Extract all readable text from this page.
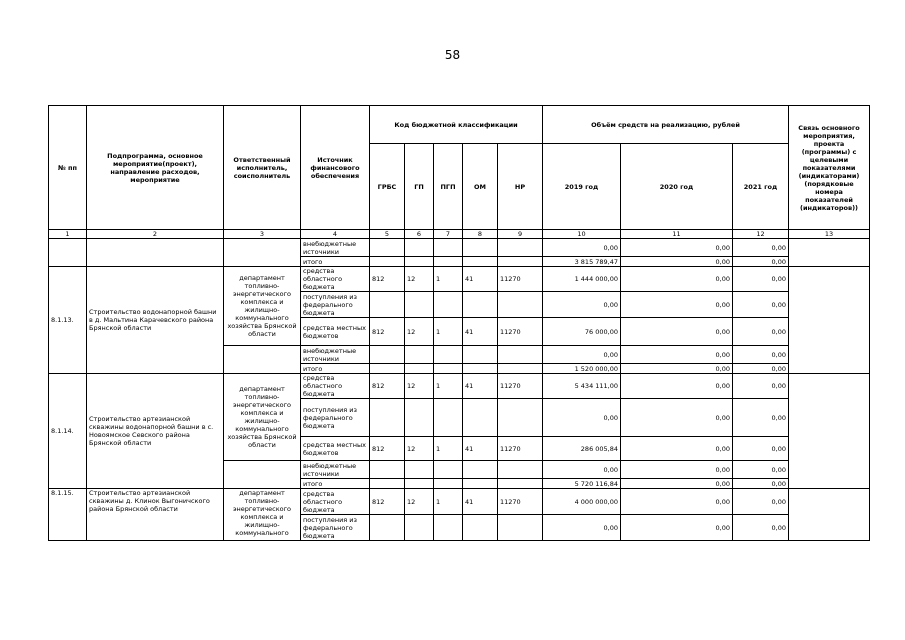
58
№ пп	Подпрограмма, основное мероприятие(проект), направление расходов, мероприятие	Ответственный исполнитель, соисполнитель	Источник финансового обеспечения	Код бюджетной классификации					Объём средств на реализацию, рублей			Связь основного мероприятия, проекта (программы) с целевыми показателями (индикаторами) (порядковые номера показателей (индикаторов))
				ГРБС	ГП	ПГП	ОМ	НР	2019 год	2020 год	2021 год	
1	2	3	4	5	6	7	8	9	10	11	12	13
			внебюджетные источники						0,00	0,00	0,00	
			итого						3 815 789,47	0,00	0,00	
8.1.13.	Строительство водонапорной башни в д. Мальтина Карачевского района Брянской области	департамент топливно-энергетического комплекса и жилищно-коммунального хозяйства Брянской области	средства областного бюджета	812	12	1	41	11270	1 444 000,00	0,00	0,00	
			поступления из федерального бюджета						0,00	0,00	0,00	
			средства местных бюджетов	812	12	1	41	11270	76 000,00	0,00	0,00	
			внебюджетные источники						0,00	0,00	0,00	
			итого						1 520 000,00	0,00	0,00	
8.1.14.	Строительство артезианской скважины водонапорной башни в с. Новоямское Севского района Брянской области	департамент топливно-энергетического комплекса и жилищно-коммунального хозяйства Брянской области	средства областного бюджета	812	12	1	41	11270	5 434 111,00	0,00	0,00	
			поступления из федерального бюджета						0,00	0,00	0,00	
			средства местных бюджетов	812	12	1	41	11270	286 005,84	0,00	0,00	
			внебюджетные источники						0,00	0,00	0,00	
			итого						5 720 116,84	0,00	0,00	
8.1.15.	Строительство артезианской скважины д. Клинок Выгоничского района Брянской области	департамент топливно-энергетического комплекса и жилищно-коммунального	средства областного бюджета	812	12	1	41	11270	4 000 000,00	0,00	0,00	
			поступления из федерального бюджета						0,00	0,00	0,00	
